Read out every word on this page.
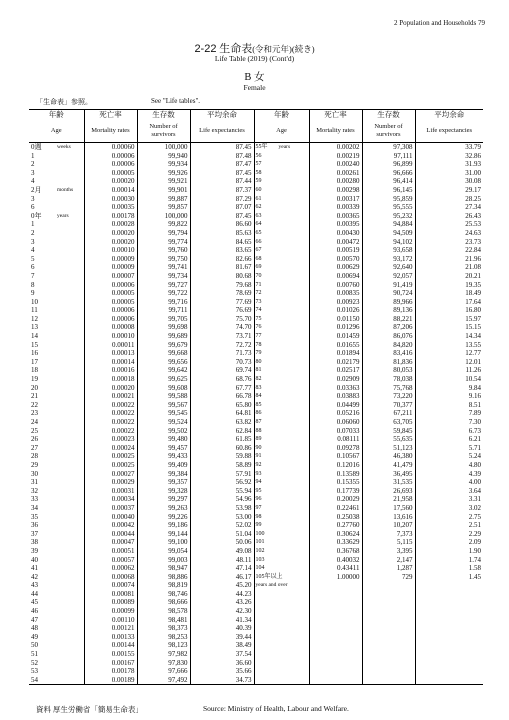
2 Population and Households 79
2-22 生命表(令和元年)(続き)
Life Table (2019) (Cont'd)
B 女
Female
「生命表」参照。	See "Life tables".
年齢	死亡率	生存数	平均余命	年齢	死亡率	生存数	平均余命
Age	Mortality rates	Number of
survivors	Life expectancies	Age	Mortality rates	Number of
survivors	Life expectancies
0週 weeks	0.00060	100,000	87.45	55年 years	0.00202	97,308	33.79
1	0.00006	99,940	87.48	56	0.00219	97,111	32.86
2	0.00006	99,934	87.47	57	0.00240	96,899	31.93
3	0.00005	99,926	87.45	58	0.00261	96,666	31.00
4	0.00020	99,921	87.44	59	0.00280	96,414	30.08
2月 months	0.00014	99,901	87.37	60	0.00298	96,145	29.17
3	0.00030	99,887	87.29	61	0.00317	95,859	28.25
6	0.00035	99,857	87.07	62	0.00339	95,555	27.34
0年 years	0.00178	100,000	87.45	63	0.00365	95,232	26.43
1	0.00028	99,822	86.60	64	0.00395	94,884	25.53
2	0.00020	99,794	85.63	65	0.00430	94,509	24.63
3	0.00020	99,774	84.65	66	0.00472	94,102	23.73
4	0.00010	99,760	83.65	67	0.00519	93,658	22.84
5	0.00009	99,750	82.66	68	0.00570	93,172	21.96
6	0.00009	99,741	81.67	69	0.00629	92,640	21.08
7	0.00007	99,734	80.68	70	0.00694	92,057	20.21
8	0.00006	99,727	79.68	71	0.00760	91,419	19.35
9	0.00005	99,722	78.69	72	0.00835	90,724	18.49
10	0.00005	99,716	77.69	73	0.00923	89,966	17.64
11	0.00006	99,711	76.69	74	0.01026	89,136	16.80
12	0.00006	99,705	75.70	75	0.01150	88,221	15.97
13	0.00008	99,698	74.70	76	0.01296	87,206	15.15
14	0.00010	99,689	73.71	77	0.01459	86,076	14.34
15	0.00011	99,679	72.72	78	0.01655	84,820	13.55
16	0.00013	99,668	71.73	79	0.01894	83,416	12.77
17	0.00014	99,656	70.73	80	0.02179	81,836	12.01
18	0.00016	99,642	69.74	81	0.02517	80,053	11.26
19	0.00018	99,625	68.76	82	0.02909	78,038	10.54
20	0.00020	99,608	67.77	83	0.03363	75,768	9.84
21	0.00021	99,588	66.78	84	0.03883	73,220	9.16
22	0.00022	99,567	65.80	85	0.04499	70,377	8.51
23	0.00022	99,545	64.81	86	0.05216	67,211	7.89
24	0.00022	99,524	63.82	87	0.06060	63,705	7.30
25	0.00022	99,502	62.84	88	0.07033	59,845	6.73
26	0.00023	99,480	61.85	89	0.08111	55,635	6.21
27	0.00024	99,457	60.86	90	0.09278	51,123	5.71
28	0.00025	99,433	59.88	91	0.10567	46,380	5.24
29	0.00025	99,409	58.89	92	0.12016	41,479	4.80
30	0.00027	99,384	57.91	93	0.13589	36,495	4.39
31	0.00029	99,357	56.92	94	0.15355	31,535	4.00
32	0.00031	99,328	55.94	95	0.17739	26,693	3.64
33	0.00034	99,297	54.96	96	0.20029	21,958	3.31
34	0.00037	99,263	53.98	97	0.22461	17,560	3.02
35	0.00040	99,226	53.00	98	0.25038	13,616	2.75
36	0.00042	99,186	52.02	99	0.27760	10,207	2.51
37	0.00044	99,144	51.04	100	0.30624	7,373	2.29
38	0.00047	99,100	50.06	101	0.33629	5,115	2.09
39	0.00051	99,054	49.08	102	0.36768	3,395	1.90
40	0.00057	99,003	48.11	103	0.40032	2,147	1.74
41	0.00062	98,947	47.14	104	0.43411	1,287	1.58
42	0.00068	98,886	46.17	105年以上
years and over	1.00000	729	1.45
43	0.00074	98,819	45.20				
44	0.00081	98,746	44.23				
45	0.00089	98,666	43.26				
46	0.00099	98,578	42.30				
47	0.00110	98,481	41.34				
48	0.00121	98,373	40.39				
49	0.00133	98,253	39.44				
50	0.00144	98,123	38.49				
51	0.00155	97,982	37.54				
52	0.00167	97,830	36.60				
53	0.00178	97,666	35.66				
54	0.00189	97,492	34.73				
資料 厚生労働省「簡易生命表」	Source: Ministry of Health, Labour and Welfare.
